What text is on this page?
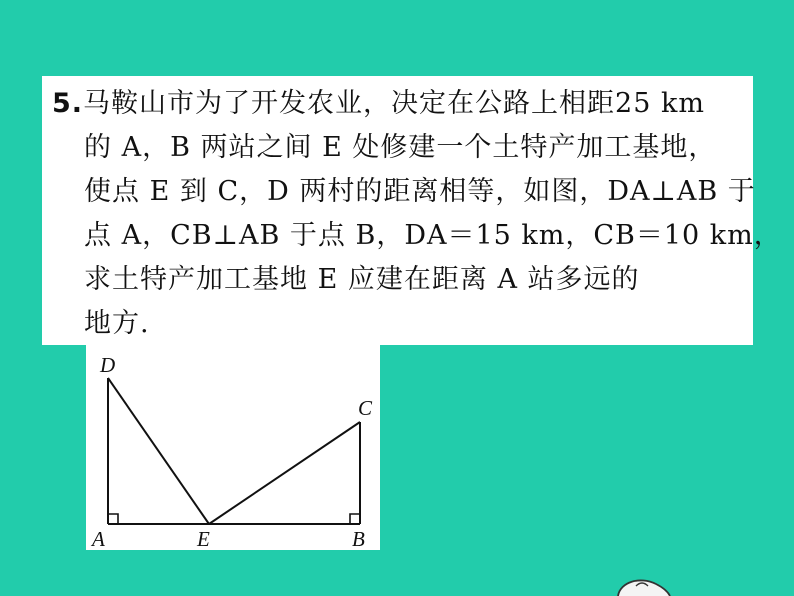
5.马鞍山市为了开发农业，决定在公路上相距25 km
的 A，B 两站之间 E 处修建一个土特产加工基地，
使点 E 到 C，D 两村的距离相等，如图，DA⊥AB 于
点 A，CB⊥AB 于点 B，DA＝15 km，CB＝10 km，
求土特产加工基地 E 应建在距离 A 站多远的
地方.
D
C
A	E	B
